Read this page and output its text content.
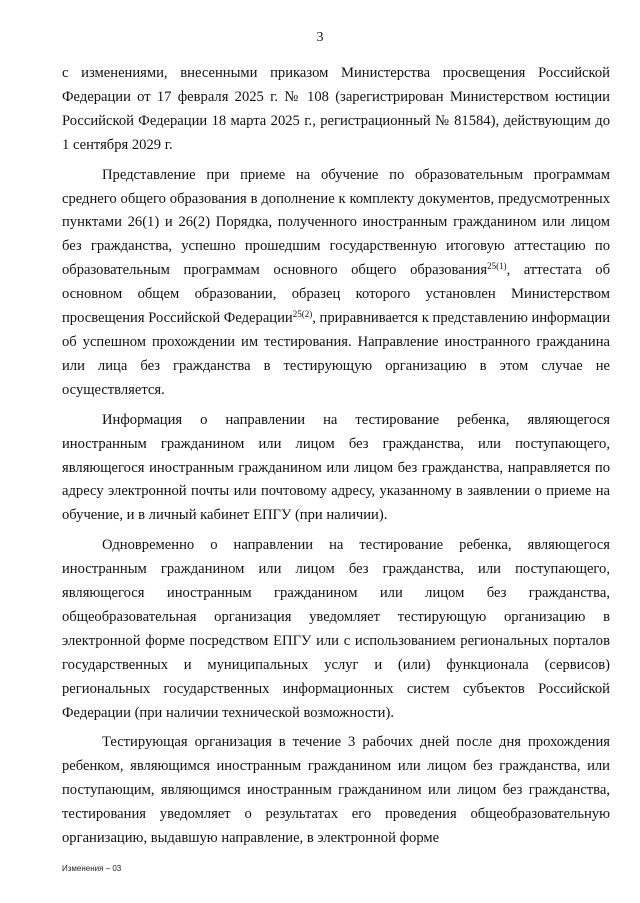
3

с изменениями, внесенными приказом Министерства просвещения Российской Федерации от 17 февраля 2025 г. № 108 (зарегистрирован Министерством юстиции Российской Федерации 18 марта 2025 г., регистрационный № 81584), действующим до 1 сентября 2029 г.

Представление при приеме на обучение по образовательным программам среднего общего образования в дополнение к комплекту документов, предусмотренных пунктами 26(1) и 26(2) Порядка, полученного иностранным гражданином или лицом без гражданства, успешно прошедшим государственную итоговую аттестацию по образовательным программам основного общего образования$^{25(1)}$, аттестата об основном общем образовании, образец которого установлен Министерством просвещения Российской Федерации$^{25(2)}$, приравнивается к представлению информации об успешном прохождении им тестирования. Направление иностранного гражданина или лица без гражданства в тестирующую организацию в этом случае не осуществляется.

Информация о направлении на тестирование ребенка, являющегося иностранным гражданином или лицом без гражданства, или поступающего, являющегося иностранным гражданином или лицом без гражданства, направляется по адресу электронной почты или почтовому адресу, указанному в заявлении о приеме на обучение, и в личный кабинет ЕПГУ (при наличии).

Одновременно о направлении на тестирование ребенка, являющегося иностранным гражданином или лицом без гражданства, или поступающего, являющегося иностранным гражданином или лицом без гражданства, общеобразовательная организация уведомляет тестирующую организацию в электронной форме посредством ЕПГУ или с использованием региональных порталов государственных и муниципальных услуг и (или) функционала (сервисов) региональных государственных информационных систем субъектов Российской Федерации (при наличии технической возможности).

Тестирующая организация в течение 3 рабочих дней после дня прохождения ребенком, являющимся иностранным гражданином или лицом без гражданства, или поступающим, являющимся иностранным гражданином или лицом без гражданства, тестирования уведомляет о результатах его проведения общеобразовательную организацию, выдавшую направление, в электронной форме

Изменения – 03
